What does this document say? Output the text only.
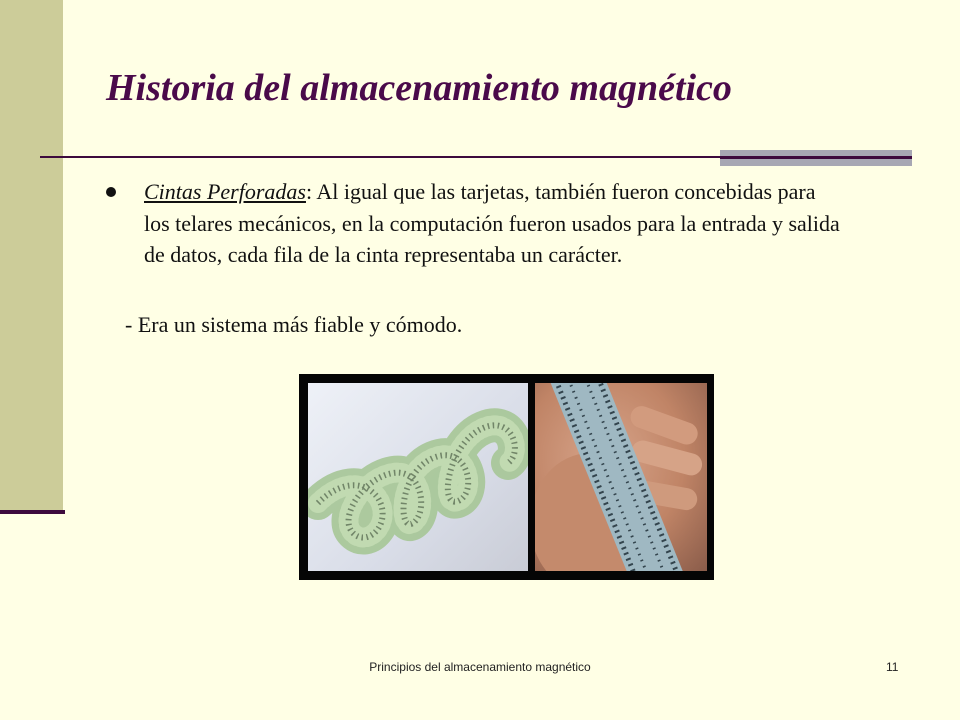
Historia del almacenamiento magnético
Cintas Perforadas: Al igual que las tarjetas, también fueron concebidas para los telares mecánicos, en la computación fueron usados para la entrada y salida de datos, cada fila de la cinta representaba un carácter.
- Era un sistema más fiable y cómodo.
Principios del almacenamiento magnético	11
